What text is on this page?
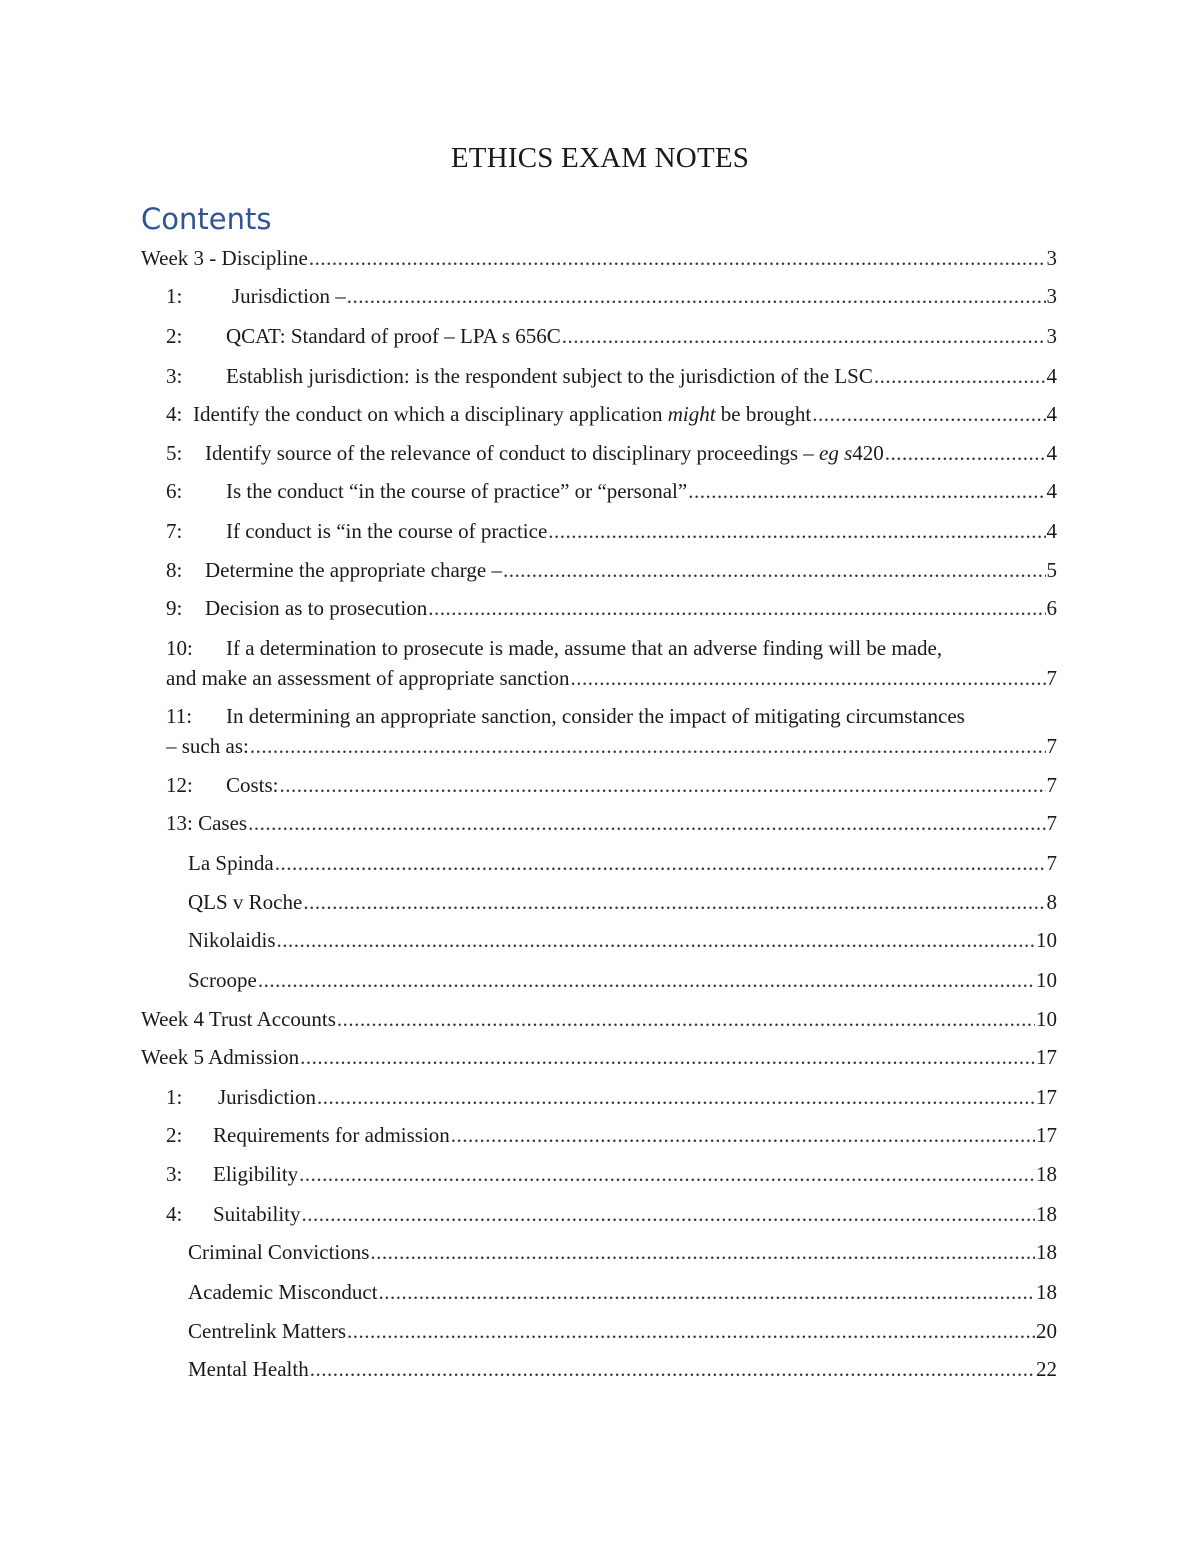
ETHICS EXAM NOTES
Contents
Week 3 - Discipline .....	3
1:	Jurisdiction – .....	3
2:	QCAT: Standard of proof – LPA s 656C .....	3
3:	Establish jurisdiction: is the respondent subject to the jurisdiction of the LSC .....	4
4: Identify the conduct on which a disciplinary application might be brought .....	4
5:	Identify source of the relevance of conduct to disciplinary proceedings – eg s420 .....	4
6:	Is the conduct “in the course of practice” or “personal” .....	4
7:	If conduct is “in the course of practice .....	4
8:	Determine the appropriate charge – .....	5
9:	Decision as to prosecution .....	6
10:	If a determination to prosecute is made, assume that an adverse finding will be made,
and make an assessment of appropriate sanction .....	7
11:	In determining an appropriate sanction, consider the impact of mitigating circumstances
– such as: .....	7
12:	Costs: .....	7
13: Cases .....	7
La Spinda .....	7
QLS v Roche .....	8
Nikolaidis .....	10
Scroope .....	10
Week 4 Trust Accounts .....	10
Week 5 Admission .....	17
1:	Jurisdiction .....	17
2:	Requirements for admission .....	17
3:	Eligibility .....	18
4:	Suitability .....	18
Criminal Convictions .....	18
Academic Misconduct .....	18
Centrelink Matters .....	20
Mental Health .....	22
